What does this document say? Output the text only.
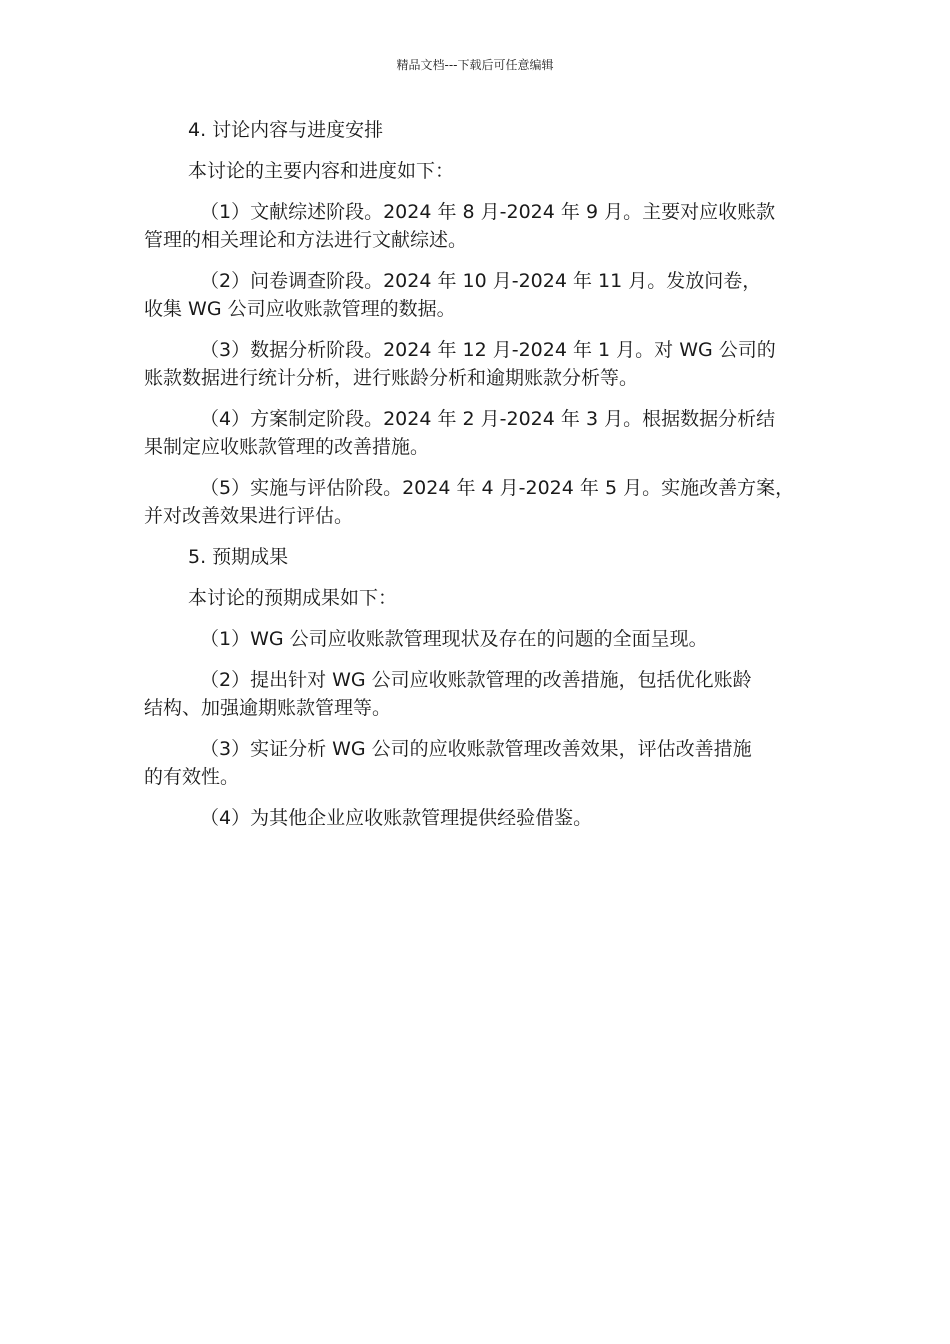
精品文档---下载后可任意编辑

4. 讨论内容与进度安排

本讨论的主要内容和进度如下：

（1）文献综述阶段。2024 年 8 月-2024 年 9 月。主要对应收账款
管理的相关理论和方法进行文献综述。
（2）问卷调查阶段。2024 年 10 月-2024 年 11 月。发放问卷，
收集 WG 公司应收账款管理的数据。
（3）数据分析阶段。2024 年 12 月-2024 年 1 月。对 WG 公司的
账款数据进行统计分析，进行账龄分析和逾期账款分析等。
（4）方案制定阶段。2024 年 2 月-2024 年 3 月。根据数据分析结
果制定应收账款管理的改善措施。
（5）实施与评估阶段。2024 年 4 月-2024 年 5 月。实施改善方案，
并对改善效果进行评估。

5. 预期成果

本讨论的预期成果如下：

（1）WG 公司应收账款管理现状及存在的问题的全面呈现。
（2）提出针对 WG 公司应收账款管理的改善措施，包括优化账龄
结构、加强逾期账款管理等。
（3）实证分析 WG 公司的应收账款管理改善效果，评估改善措施
的有效性。
（4）为其他企业应收账款管理提供经验借鉴。
